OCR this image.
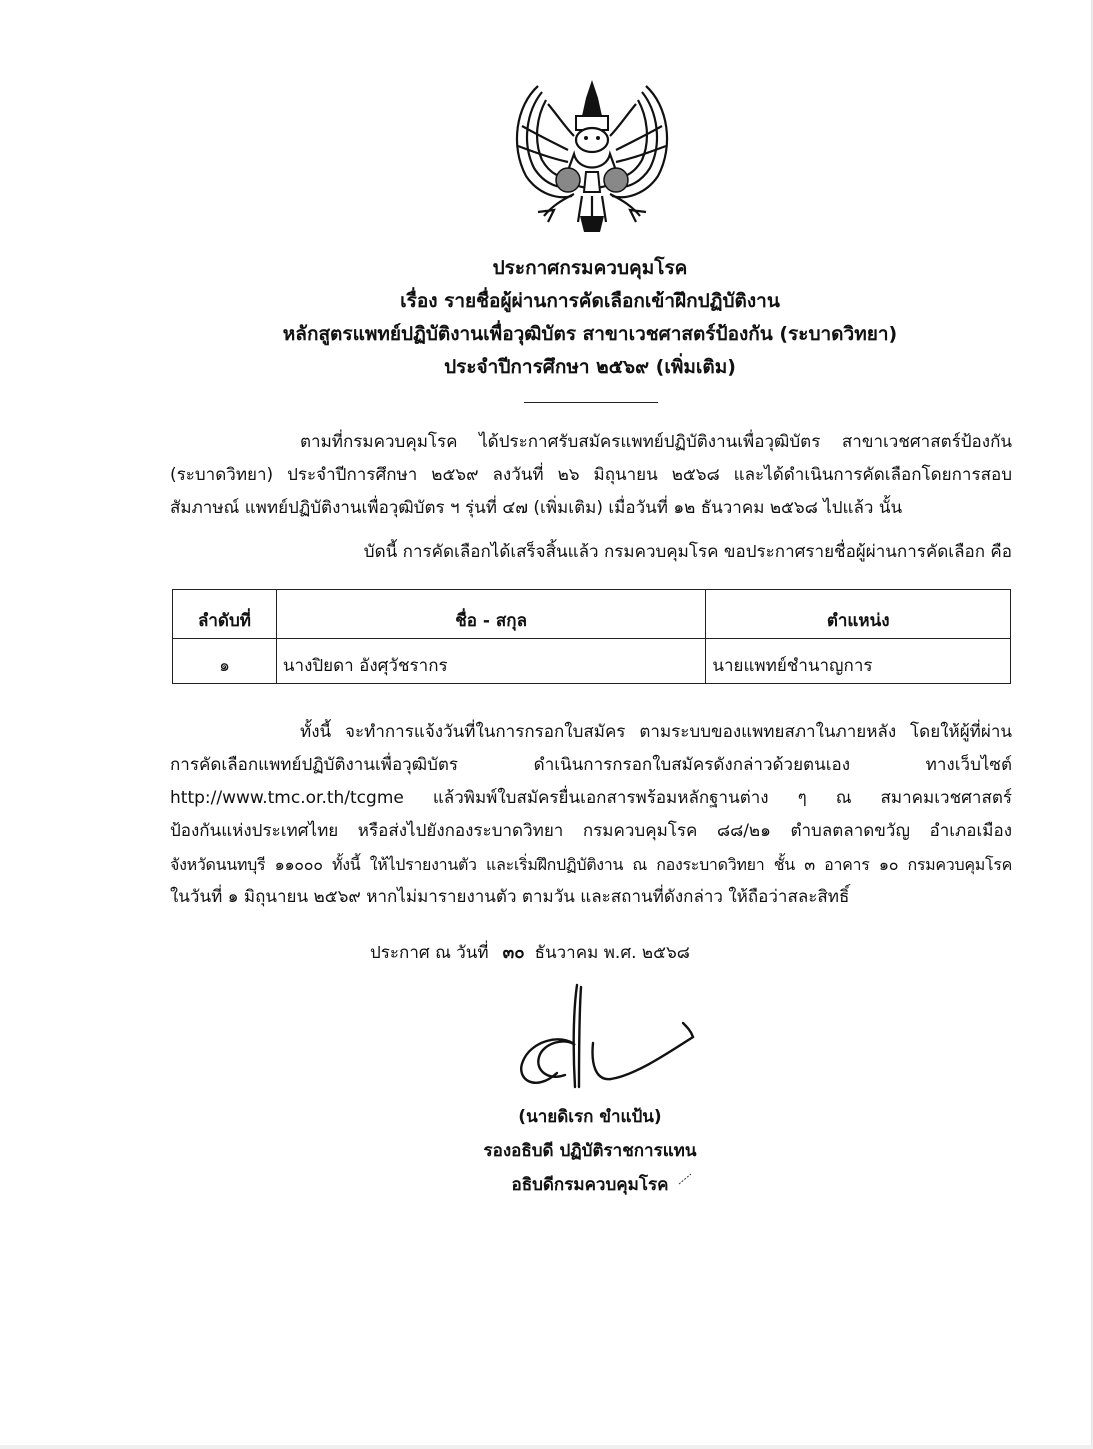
ประกาศกรมควบคุมโรค
เรื่อง รายชื่อผู้ผ่านการคัดเลือกเข้าฝึกปฏิบัติงาน
หลักสูตรแพทย์ปฏิบัติงานเพื่อวุฒิบัตร สาขาเวชศาสตร์ป้องกัน (ระบาดวิทยา)
ประจำปีการศึกษา ๒๕๖๙ (เพิ่มเติม)
ตามที่กรมควบคุมโรค ได้ประกาศรับสมัครแพทย์ปฏิบัติงานเพื่อวุฒิบัตร สาขาเวชศาสตร์ป้องกัน
(ระบาดวิทยา) ประจำปีการศึกษา ๒๕๖๙ ลงวันที่ ๒๖ มิถุนายน ๒๕๖๘ และได้ดำเนินการคัดเลือกโดยการสอบ
สัมภาษณ์ แพทย์ปฏิบัติงานเพื่อวุฒิบัตร ฯ รุ่นที่ ๔๗ (เพิ่มเติม) เมื่อวันที่ ๑๒ ธันวาคม ๒๕๖๘ ไปแล้ว นั้น
บัดนี้ การคัดเลือกได้เสร็จสิ้นแล้ว กรมควบคุมโรค ขอประกาศรายชื่อผู้ผ่านการคัดเลือก คือ
ลำดับที่	ชื่อ - สกุล	ตำแหน่ง
๑	นางปิยดา อังศุวัชรากร	นายแพทย์ชำนาญการ
ทั้งนี้ จะทำการแจ้งวันที่ในการกรอกใบสมัคร ตามระบบของแพทยสภาในภายหลัง โดยให้ผู้ที่ผ่าน
การคัดเลือกแพทย์ปฏิบัติงานเพื่อวุฒิบัตร ดำเนินการกรอกใบสมัครดังกล่าวด้วยตนเอง ทางเว็บไซต์
http://www.tmc.or.th/tcgme แล้วพิมพ์ใบสมัครยื่นเอกสารพร้อมหลักฐานต่าง ๆ ณ สมาคมเวชศาสตร์
ป้องกันแห่งประเทศไทย หรือส่งไปยังกองระบาดวิทยา กรมควบคุมโรค ๘๘/๒๑ ตำบลตลาดขวัญ อำเภอเมือง
จังหวัดนนทบุรี ๑๑๐๐๐ ทั้งนี้ ให้ไปรายงานตัว และเริ่มฝึกปฏิบัติงาน ณ กองระบาดวิทยา ชั้น ๓ อาคาร ๑๐ กรมควบคุมโรค
ในวันที่ ๑ มิถุนายน ๒๕๖๙ หากไม่มารายงานตัว ตามวัน และสถานที่ดังกล่าว ให้ถือว่าสละสิทธิ์
ประกาศ ณ วันที่ ๓๐ ธันวาคม พ.ศ. ๒๕๖๘
(นายดิเรก ขำแป้น)
รองอธิบดี ปฏิบัติราชการแทน
อธิบดีกรมควบคุมโรค
